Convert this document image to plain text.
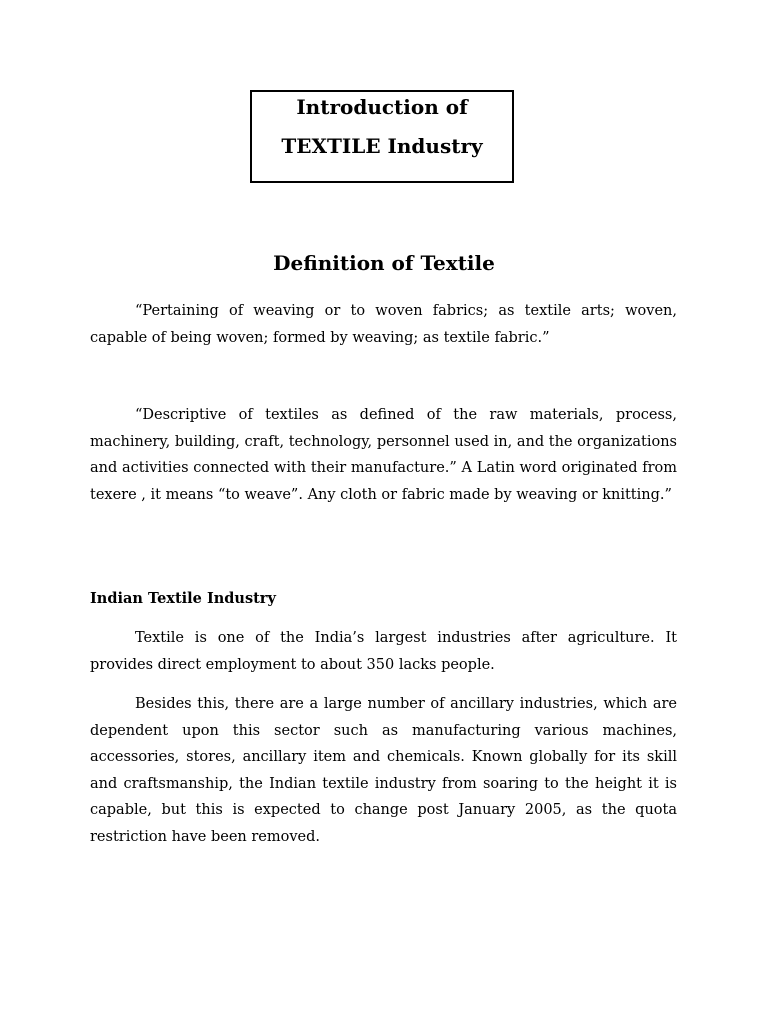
Introduction of
TEXTILE Industry
Definition of Textile

“Pertaining of weaving or to woven fabrics; as textile arts; woven, capable of being woven; formed by weaving; as textile fabric.”

“Descriptive of textiles as defined of the raw materials, process, machinery, building, craft, technology, personnel used in, and the organizations and activities connected with their manufacture.” A Latin word originated from texere , it means “to weave”. Any cloth or fabric made by weaving or knitting.”

Indian Textile Industry

Textile is one of the India’s largest industries after agriculture. It provides direct employment to about 350 lacks people.

Besides this, there are a large number of ancillary industries, which are dependent upon this sector such as manufacturing various machines, accessories, stores, ancillary item and chemicals. Known globally for its skill and craftsmanship, the Indian textile industry from soaring to the height it is capable, but this is expected to change post January 2005, as the quota restriction have been removed.
